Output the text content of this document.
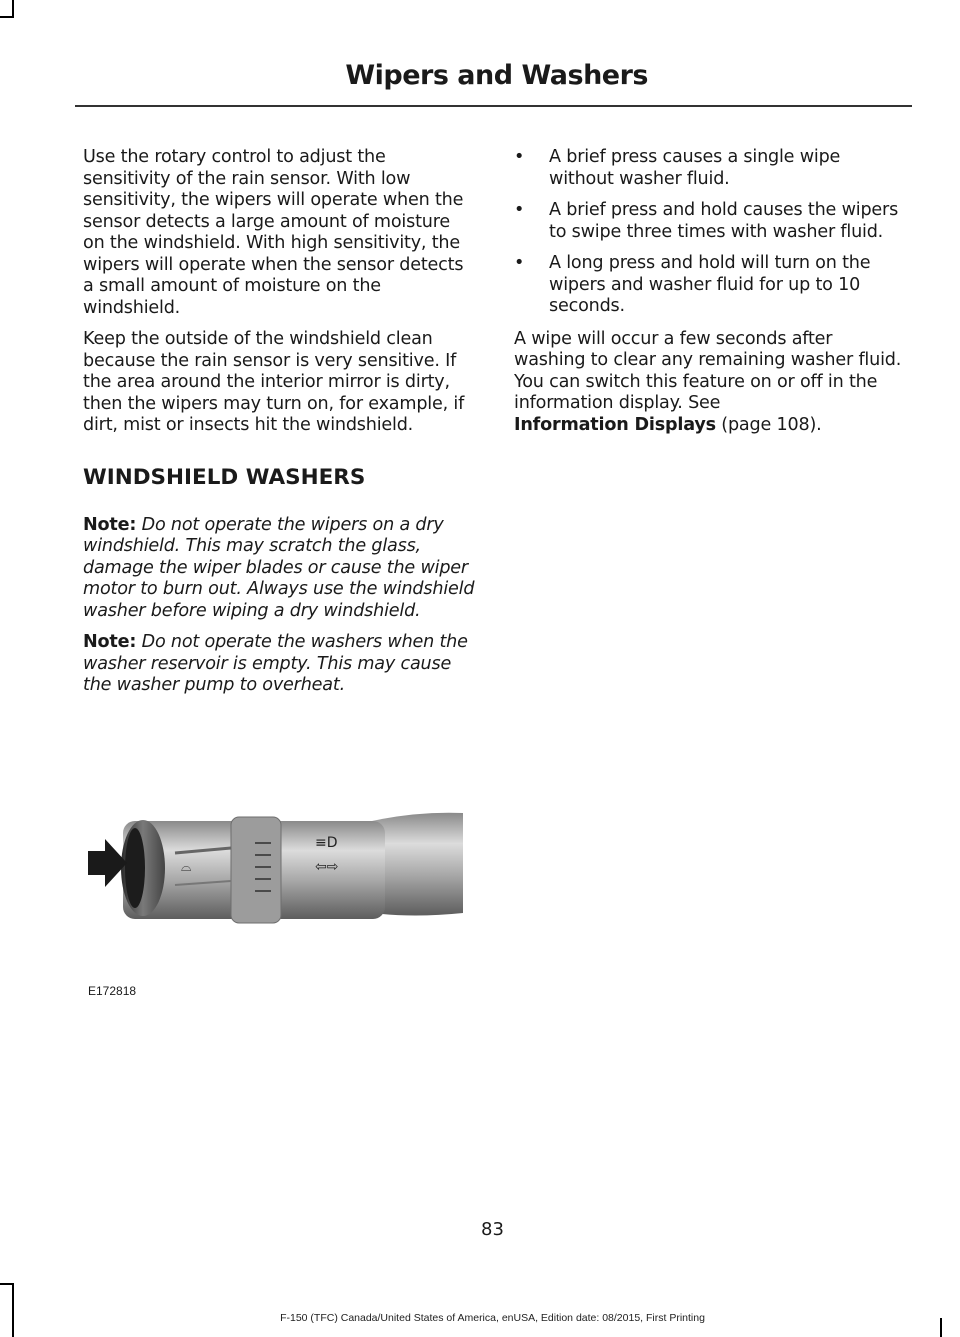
Wipers and Washers

Use the rotary control to adjust the sensitivity of the rain sensor. With low sensitivity, the wipers will operate when the sensor detects a large amount of moisture on the windshield. With high sensitivity, the wipers will operate when the sensor detects a small amount of moisture on the windshield.

Keep the outside of the windshield clean because the rain sensor is very sensitive. If the area around the interior mirror is dirty, then the wipers may turn on, for example, if dirt, mist or insects hit the windshield.

WINDSHIELD WASHERS

Note: Do not operate the wipers on a dry windshield. This may scratch the glass, damage the wiper blades or cause the wiper motor to burn out. Always use the windshield washer before wiping a dry windshield.

Note: Do not operate the washers when the washer reservoir is empty. This may cause the washer pump to overheat.

⌓
≡D
⇦⇨
E172818
• A brief press causes a single wipe without washer fluid.
• A brief press and hold causes the wipers to swipe three times with washer fluid.
• A long press and hold will turn on the wipers and washer fluid for up to 10 seconds.

A wipe will occur a few seconds after washing to clear any remaining washer fluid. You can switch this feature on or off in the information display. See
Information Displays (page 108).

83
F-150 (TFC) Canada/United States of America, enUSA, Edition date: 08/2015, First Printing
